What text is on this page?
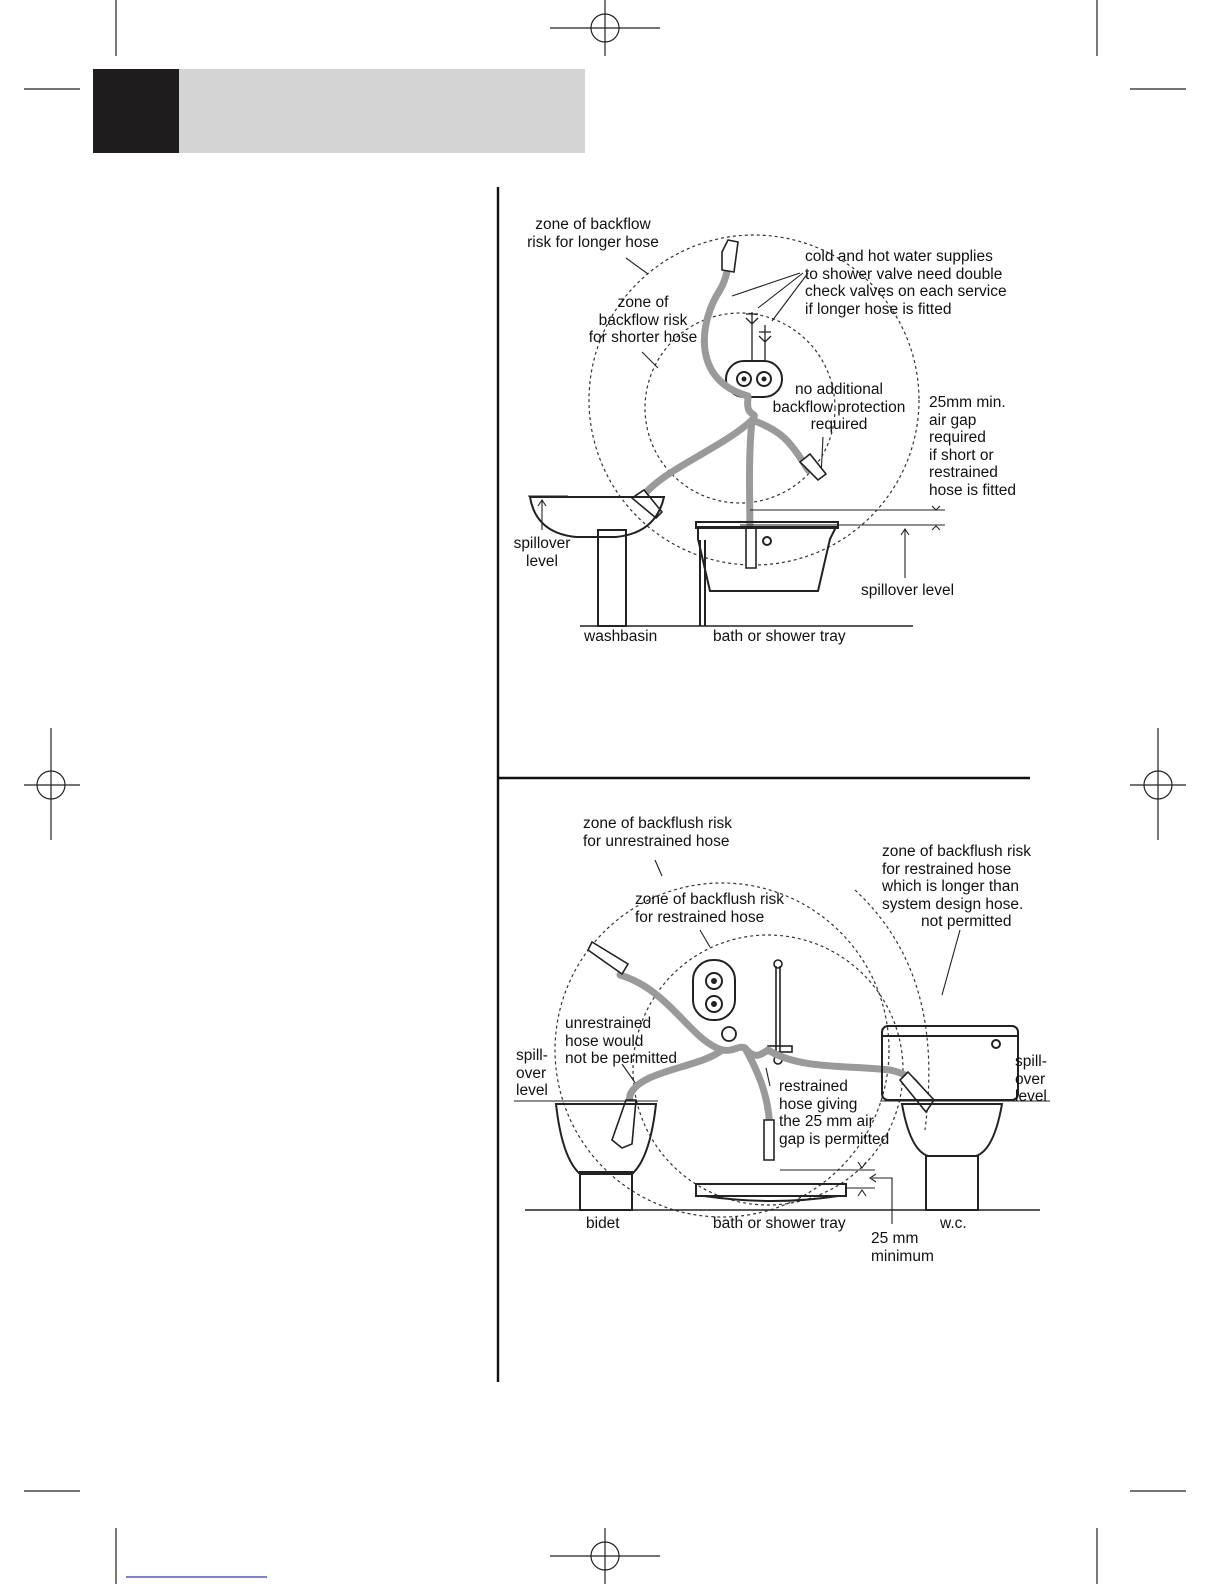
zone of backflow
risk for longer hose
zone of
backflow risk
for shorter hose
cold and hot water supplies
to shower valve need double
check valves on each service
if longer hose is fitted
no additional
backflow protection
required
25mm min.
air gap
required
if short or
restrained
hose is fitted
spillover
level
spillover level
washbasin	bath or shower tray
zone of backflush risk
for unrestrained hose
zone of backflush risk
for restrained hose
zone of backflush risk
for restrained hose
which is longer than
system design hose.
not permitted
unrestrained
hose would
not be permitted
restrained
hose giving
the 25 mm air
gap is permitted
spill-
over
level
spill-
over
level
bidet	bath or shower tray	w.c.
25 mm
minimum
